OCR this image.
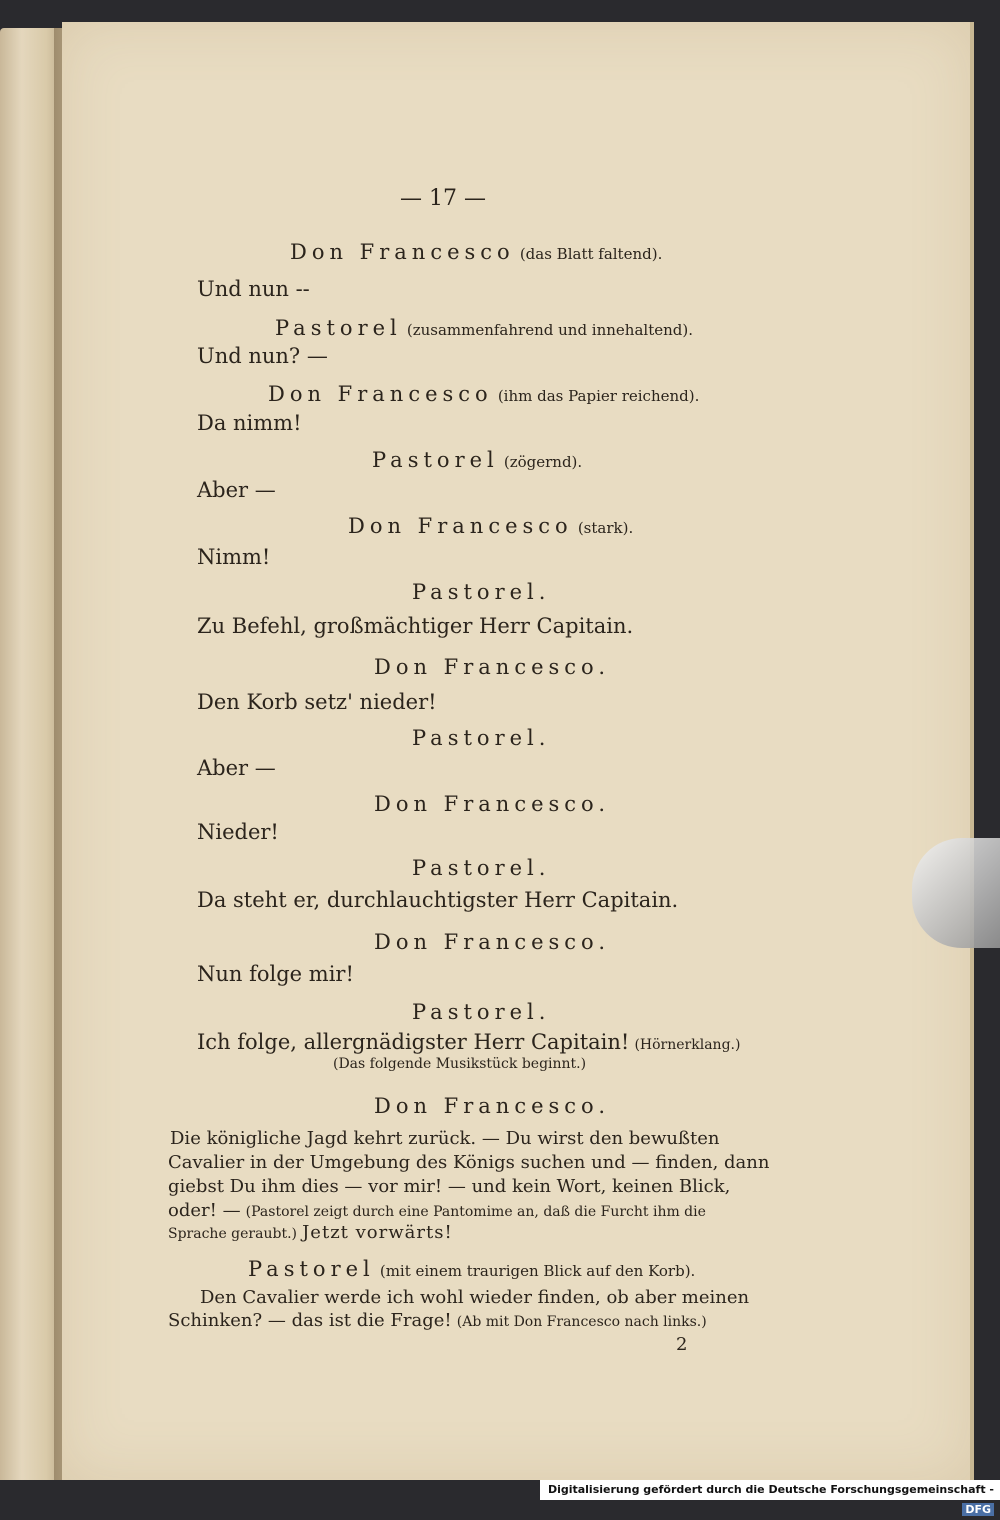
— 17 —
Don Francesco (das Blatt faltend).
Und nun --
Pastorel (zusammenfahrend und innehaltend).
Und nun? —
Don Francesco (ihm das Papier reichend).
Da nimm!
Pastorel (zögernd).
Aber —
Don Francesco (stark).
Nimm!
Pastorel.
Zu Befehl, großmächtiger Herr Capitain.
Don Francesco.
Den Korb setz' nieder!
Pastorel.
Aber —
Don Francesco.
Nieder!
Pastorel.
Da steht er, durchlauchtigster Herr Capitain.
Don Francesco.
Nun folge mir!
Pastorel.
Ich folge, allergnädigster Herr Capitain! (Hörnerklang.)
(Das folgende Musikstück beginnt.)
Don Francesco.
Die königliche Jagd kehrt zurück. — Du wirst den bewußten
Cavalier in der Umgebung des Königs suchen und — finden, dann
giebst Du ihm dies — vor mir! — und kein Wort, keinen Blick,
oder! — (Pastorel zeigt durch eine Pantomime an, daß die Furcht ihm die
Sprache geraubt.) Jetzt vorwärts!
Pastorel (mit einem traurigen Blick auf den Korb).
Den Cavalier werde ich wohl wieder finden, ob aber meinen
Schinken? — das ist die Frage! (Ab mit Don Francesco nach links.)
2
Digitalisierung gefördert durch die Deutsche Forschungsgemeinschaft -DFG
